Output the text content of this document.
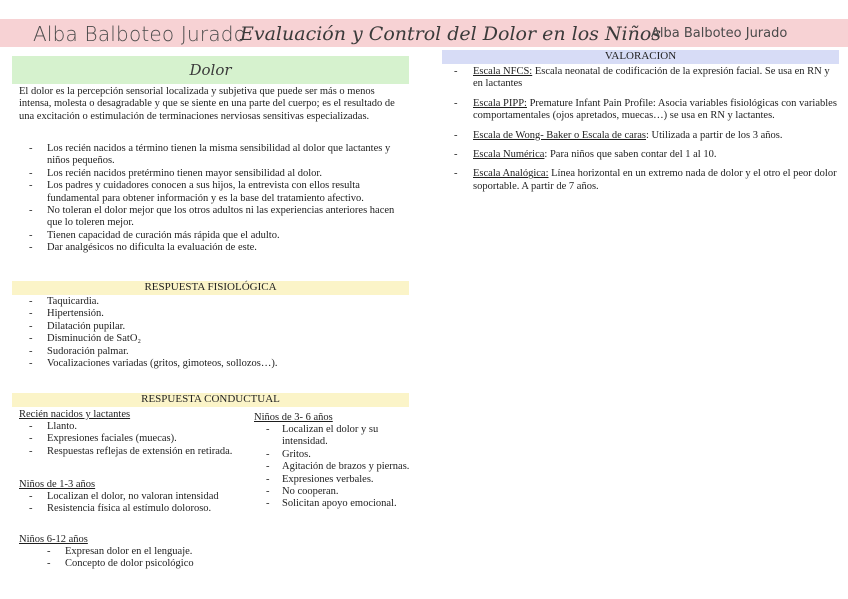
Alba Balboteo Jurado
Evaluación y Control del Dolor en los Niños
Alba Balboteo Jurado
Dolor
El dolor es la percepción sensorial localizada y subjetiva que puede ser más o menos intensa, molesta o desagradable y que se siente en una parte del cuerpo; es el resultado de una excitación o estimulación de terminaciones nerviosas sensitivas especializadas.
- Los recién nacidos a término tienen la misma sensibilidad al dolor que lactantes y niños pequeños.
- Los recién nacidos pretérmino tienen mayor sensibilidad al dolor.
- Los padres y cuidadores conocen a sus hijos, la entrevista con ellos resulta fundamental para obtener información y es la base del tratamiento afectivo.
- No toleran el dolor mejor que los otros adultos ni las experiencias anteriores hacen que lo toleren mejor.
- Tienen capacidad de curación más rápida que el adulto.
- Dar analgésicos no dificulta la evaluación de este.
RESPUESTA FISIOLÓGICA
- Taquicardia.
- Hipertensión.
- Dilatación pupilar.
- Disminución de SatO₂
- Sudoración palmar.
- Vocalizaciones variadas (gritos, gimoteos, sollozos…).
RESPUESTA CONDUCTUAL
Recién nacidos y lactantes
- Llanto.
- Expresiones faciales (muecas).
- Respuestas reflejas de extensión en retirada.
Niños de 1-3 años
- Localizan el dolor, no valoran intensidad
- Resistencia física al estímulo doloroso.
Niños 6-12 años
- Expresan dolor en el lenguaje.
- Concepto de dolor psicológico
Niños de 3- 6 años
- Localizan el dolor y su intensidad.
- Gritos.
- Agitación de brazos y piernas.
- Expresiones verbales.
- No cooperan.
- Solicitan apoyo emocional.
VALORACION
- Escala NFCS: Escala neonatal de codificación de la expresión facial. Se usa en RN y en lactantes
- Escala PIPP: Premature Infant Pain Profile: Asocia variables fisiológicas con variables comportamentales (ojos apretados, muecas…) se usa en RN y lactantes.
- Escala de Wong- Baker o Escala de caras: Utilizada a partir de los 3 años.
- Escala Numérica: Para niños que saben contar del 1 al 10.
- Escala Analógica: Línea horizontal en un extremo nada de dolor y el otro el peor dolor soportable. A partir de 7 años.
